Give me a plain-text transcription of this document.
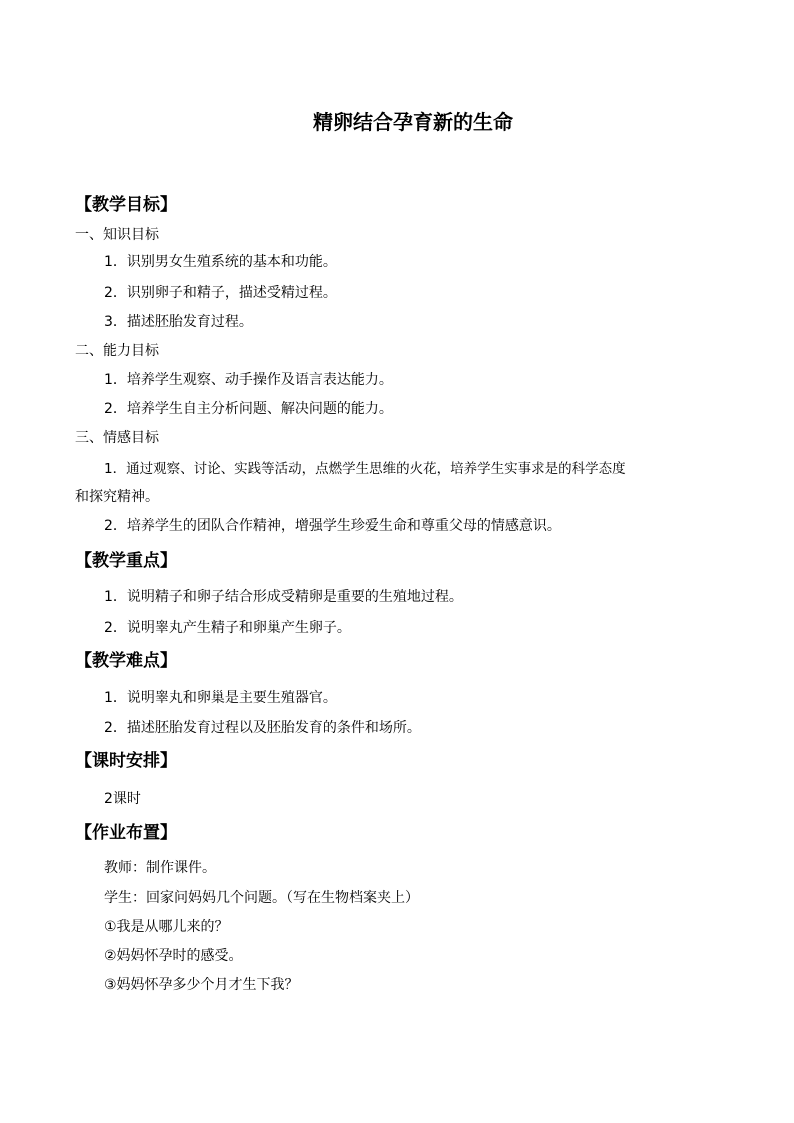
精卵结合孕育新的生命
【教学目标】
一、知识目标
1．识别男女生殖系统的基本和功能。
2．识别卵子和精子，描述受精过程。
3．描述胚胎发育过程。
二、能力目标
1．培养学生观察、动手操作及语言表达能力。
2．培养学生自主分析问题、解决问题的能力。
三、情感目标
1．通过观察、讨论、实践等活动，点燃学生思维的火花，培养学生实事求是的科学态度
和探究精神。
2．培养学生的团队合作精神，增强学生珍爱生命和尊重父母的情感意识。
【教学重点】
1．说明精子和卵子结合形成受精卵是重要的生殖地过程。
2．说明睾丸产生精子和卵巢产生卵子。
【教学难点】
1．说明睾丸和卵巢是主要生殖器官。
2．描述胚胎发育过程以及胚胎发育的条件和场所。
【课时安排】
2课时
【作业布置】
教师：制作课件。
学生：回家问妈妈几个问题。（写在生物档案夹上）
①我是从哪儿来的？
②妈妈怀孕时的感受。
③妈妈怀孕多少个月才生下我？
